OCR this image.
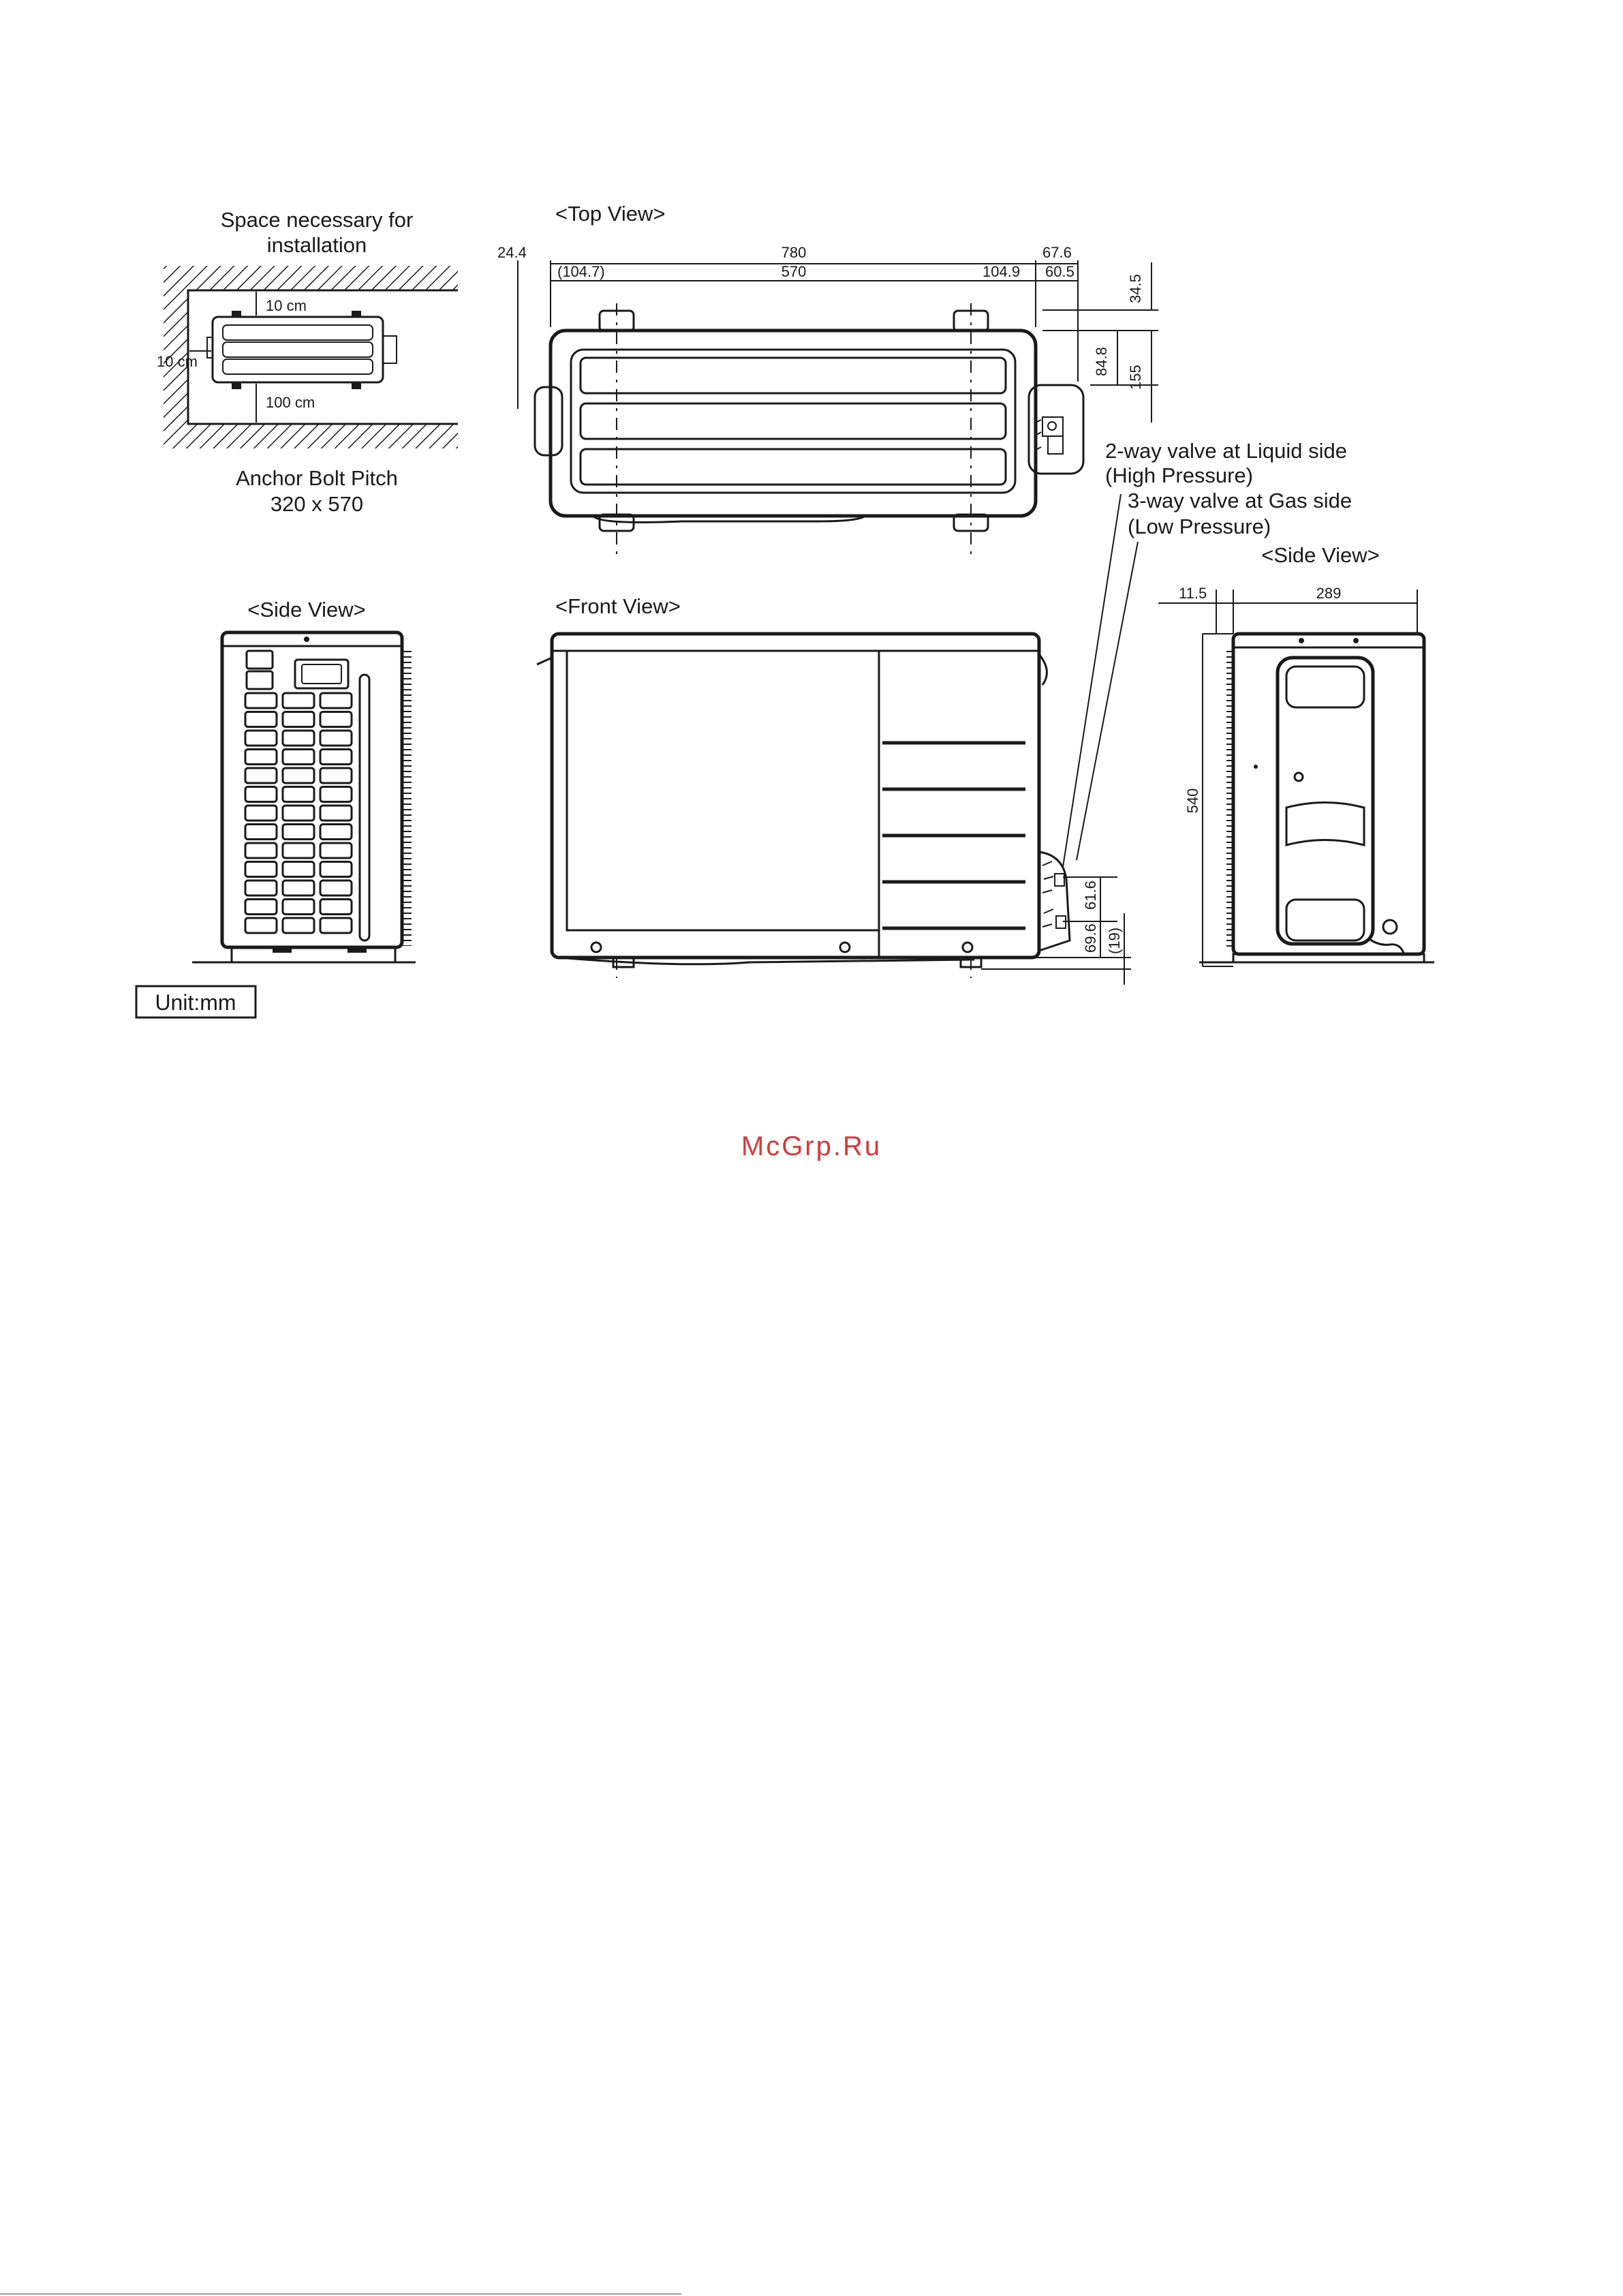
Space necessary for
installation
10 cm
10 cm
100 cm
Anchor Bolt Pitch
320 x 570
<Top View>
24.4	780
(104.7)	570	104.9
67.6
60.5
34.5
84.8
155
2-way valve at Liquid side
(High Pressure)
3-way valve at Gas side
(Low Pressure)
<Side View>	<Front View>
61.6
69.6 (19)
<Side View>
11.5	289
540
Unit:mm
McGrp.Ru
